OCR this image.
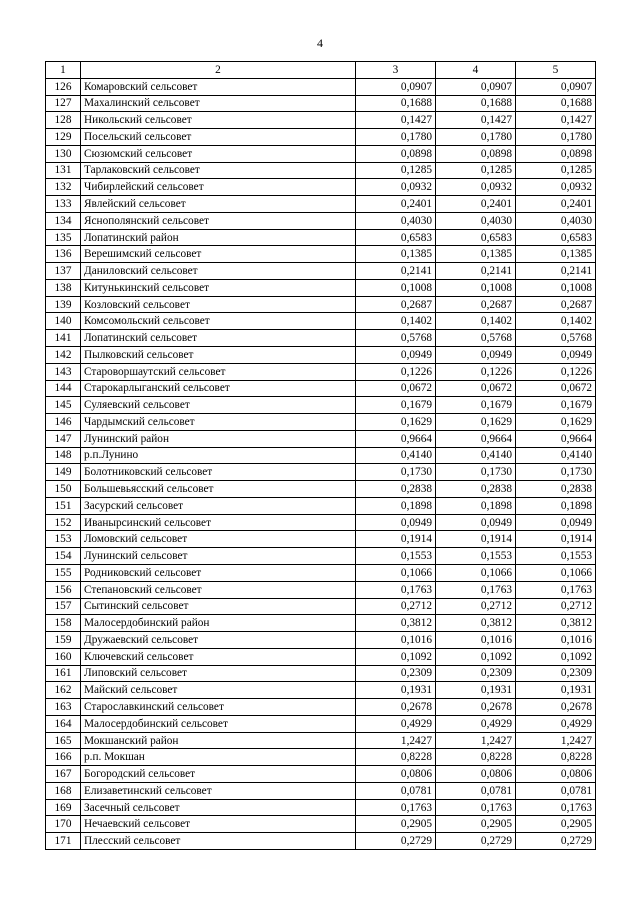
4
1	2	3	4	5
126	Комаровский сельсовет	0,0907	0,0907	0,0907
127	Махалинский сельсовет	0,1688	0,1688	0,1688
128	Никольский сельсовет	0,1427	0,1427	0,1427
129	Посельский сельсовет	0,1780	0,1780	0,1780
130	Сюзюмский сельсовет	0,0898	0,0898	0,0898
131	Тарлаковский сельсовет	0,1285	0,1285	0,1285
132	Чибирлейский сельсовет	0,0932	0,0932	0,0932
133	Явлейский сельсовет	0,2401	0,2401	0,2401
134	Яснополянский сельсовет	0,4030	0,4030	0,4030
135	Лопатинский район	0,6583	0,6583	0,6583
136	Верешимский сельсовет	0,1385	0,1385	0,1385
137	Даниловский сельсовет	0,2141	0,2141	0,2141
138	Китунькинский сельсовет	0,1008	0,1008	0,1008
139	Козловский сельсовет	0,2687	0,2687	0,2687
140	Комсомольский сельсовет	0,1402	0,1402	0,1402
141	Лопатинский сельсовет	0,5768	0,5768	0,5768
142	Пылковский сельсовет	0,0949	0,0949	0,0949
143	Староворшаутский сельсовет	0,1226	0,1226	0,1226
144	Старокарлыганский сельсовет	0,0672	0,0672	0,0672
145	Суляевский сельсовет	0,1679	0,1679	0,1679
146	Чардымский сельсовет	0,1629	0,1629	0,1629
147	Лунинский район	0,9664	0,9664	0,9664
148	р.п.Лунино	0,4140	0,4140	0,4140
149	Болотниковский сельсовет	0,1730	0,1730	0,1730
150	Большевьясский сельсовет	0,2838	0,2838	0,2838
151	Засурский сельсовет	0,1898	0,1898	0,1898
152	Иванырсинский сельсовет	0,0949	0,0949	0,0949
153	Ломовский сельсовет	0,1914	0,1914	0,1914
154	Лунинский сельсовет	0,1553	0,1553	0,1553
155	Родниковский сельсовет	0,1066	0,1066	0,1066
156	Степановский сельсовет	0,1763	0,1763	0,1763
157	Сытинский сельсовет	0,2712	0,2712	0,2712
158	Малосердобинский район	0,3812	0,3812	0,3812
159	Дружаевский сельсовет	0,1016	0,1016	0,1016
160	Ключевский сельсовет	0,1092	0,1092	0,1092
161	Липовский сельсовет	0,2309	0,2309	0,2309
162	Майский сельсовет	0,1931	0,1931	0,1931
163	Старославкинский сельсовет	0,2678	0,2678	0,2678
164	Малосердобинский сельсовет	0,4929	0,4929	0,4929
165	Мокшанский район	1,2427	1,2427	1,2427
166	р.п. Мокшан	0,8228	0,8228	0,8228
167	Богородский сельсовет	0,0806	0,0806	0,0806
168	Елизаветинский сельсовет	0,0781	0,0781	0,0781
169	Засечный сельсовет	0,1763	0,1763	0,1763
170	Нечаевский сельсовет	0,2905	0,2905	0,2905
171	Плесский сельсовет	0,2729	0,2729	0,2729
